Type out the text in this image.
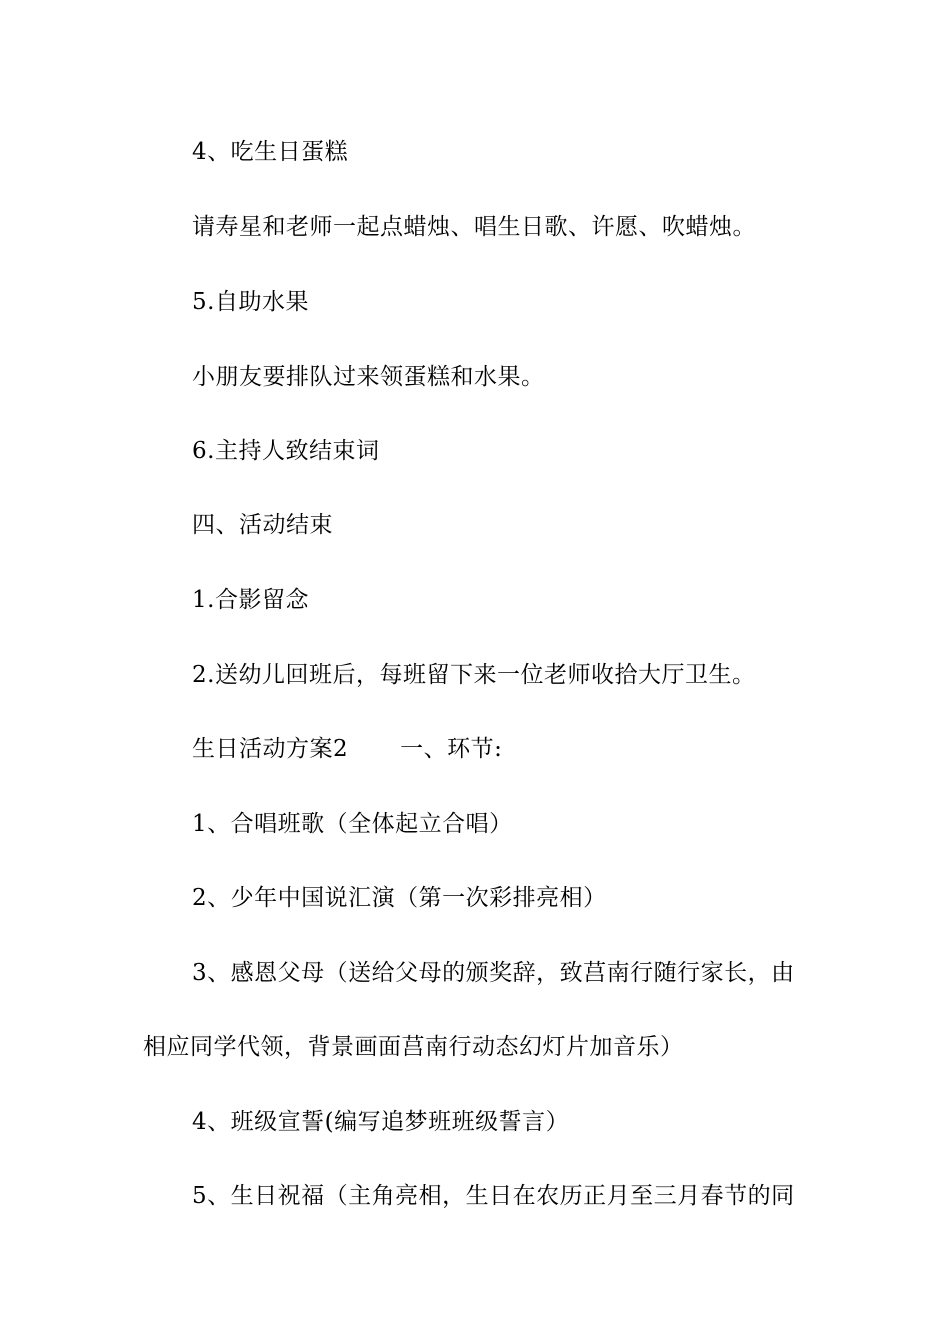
4、吃生日蛋糕
请寿星和老师一起点蜡烛、唱生日歌、许愿、吹蜡烛。
5.自助水果
小朋友要排队过来领蛋糕和水果。
6.主持人致结束词
四、活动结束
1.合影留念
2.送幼儿回班后，每班留下来一位老师收拾大厅卫生。
生日活动方案2 一、环节:
1、合唱班歌（全体起立合唱）
2、少年中国说汇演（第一次彩排亮相）
3、感恩父母（送给父母的颁奖辞，致莒南行随行家长，由
相应同学代领，背景画面莒南行动态幻灯片加音乐）
4、班级宣誓(编写追梦班班级誓言）
5、生日祝福（主角亮相，生日在农历正月至三月春节的同
